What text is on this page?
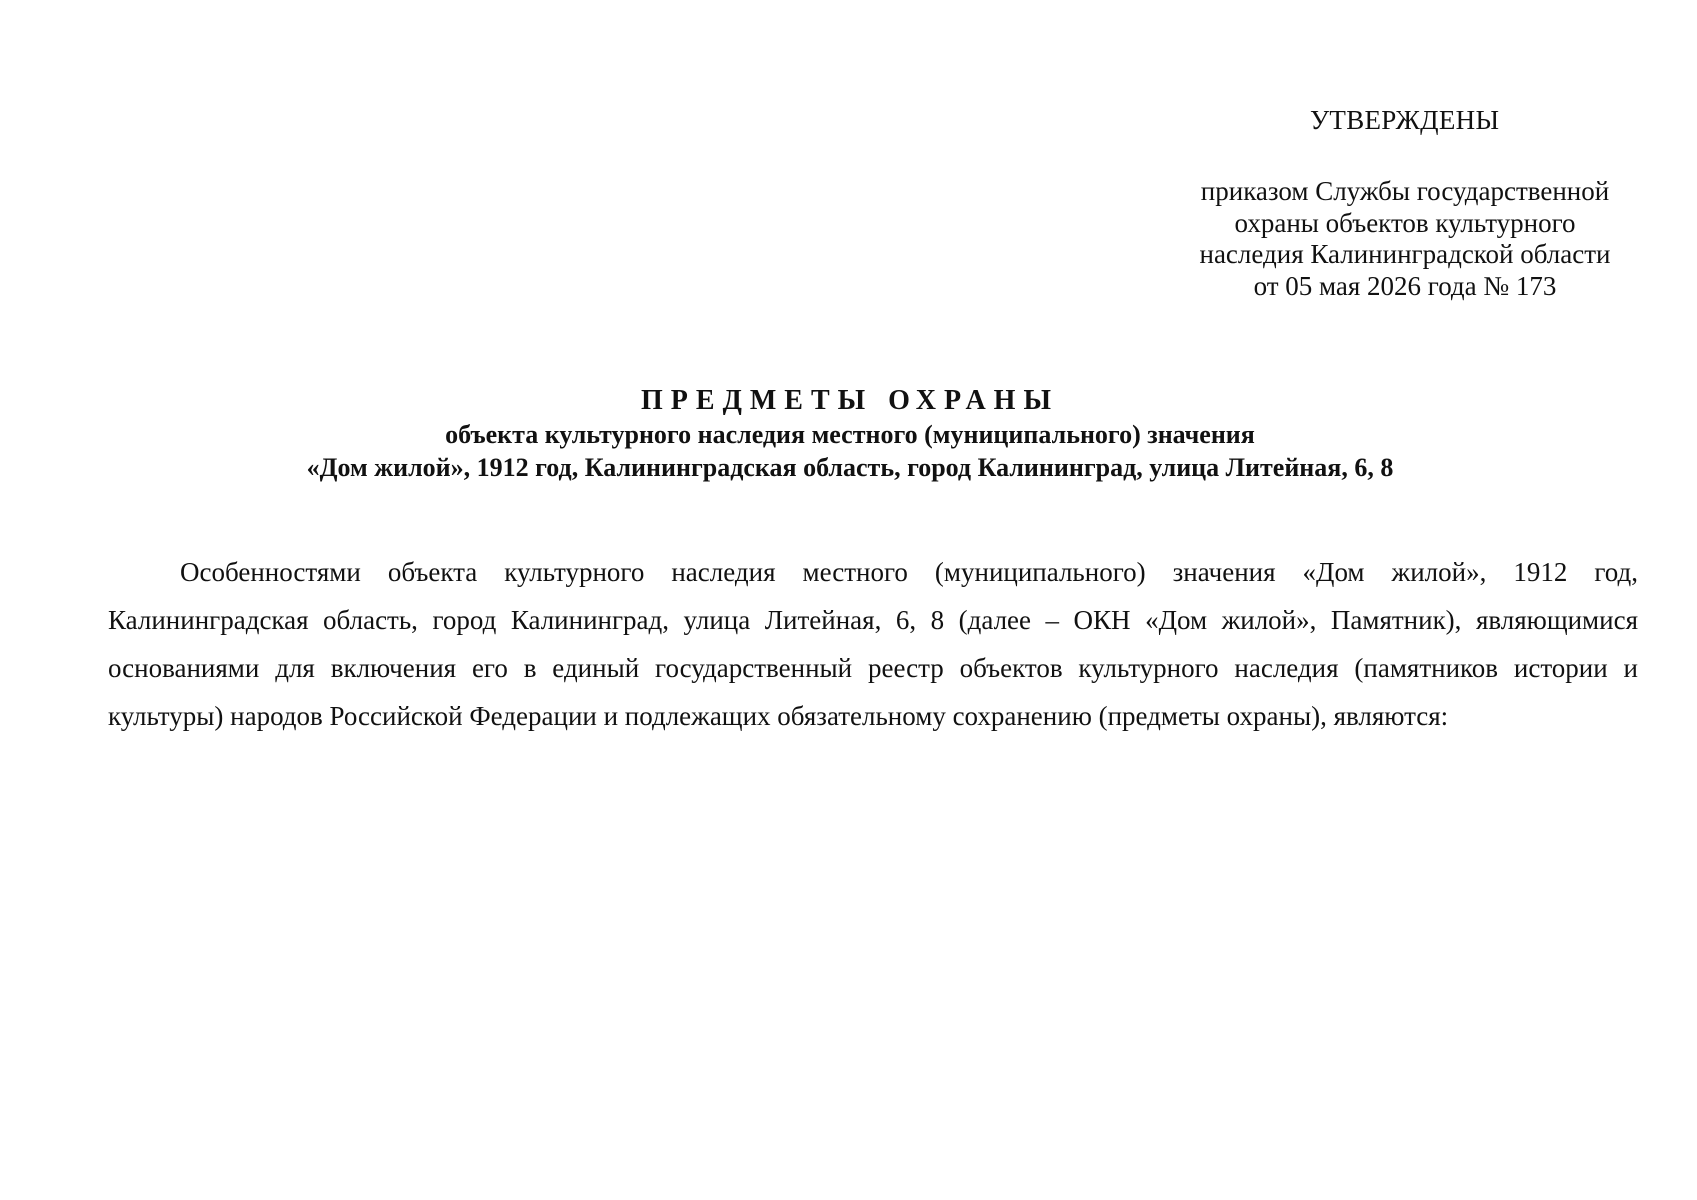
УТВЕРЖДЕНЫ

приказом Службы государственной
охраны объектов культурного
наследия Калининградской области
от 05 мая 2026 года № 173
ПРЕДМЕТЫ ОХРАНЫ
объекта культурного наследия местного (муниципального) значения
«Дом жилой», 1912 год, Калининградская область, город Калининград, улица Литейная, 6, 8

Особенностями объекта культурного наследия местного (муниципального) значения «Дом жилой», 1912 год, Калининградская область, город Калининград, улица Литейная, 6, 8 (далее – ОКН «Дом жилой», Памятник), являющимися основаниями для включения его в единый государственный реестр объектов культурного наследия (памятников истории и культуры) народов Российской Федерации и подлежащих обязательному сохранению (предметы охраны), являются:
